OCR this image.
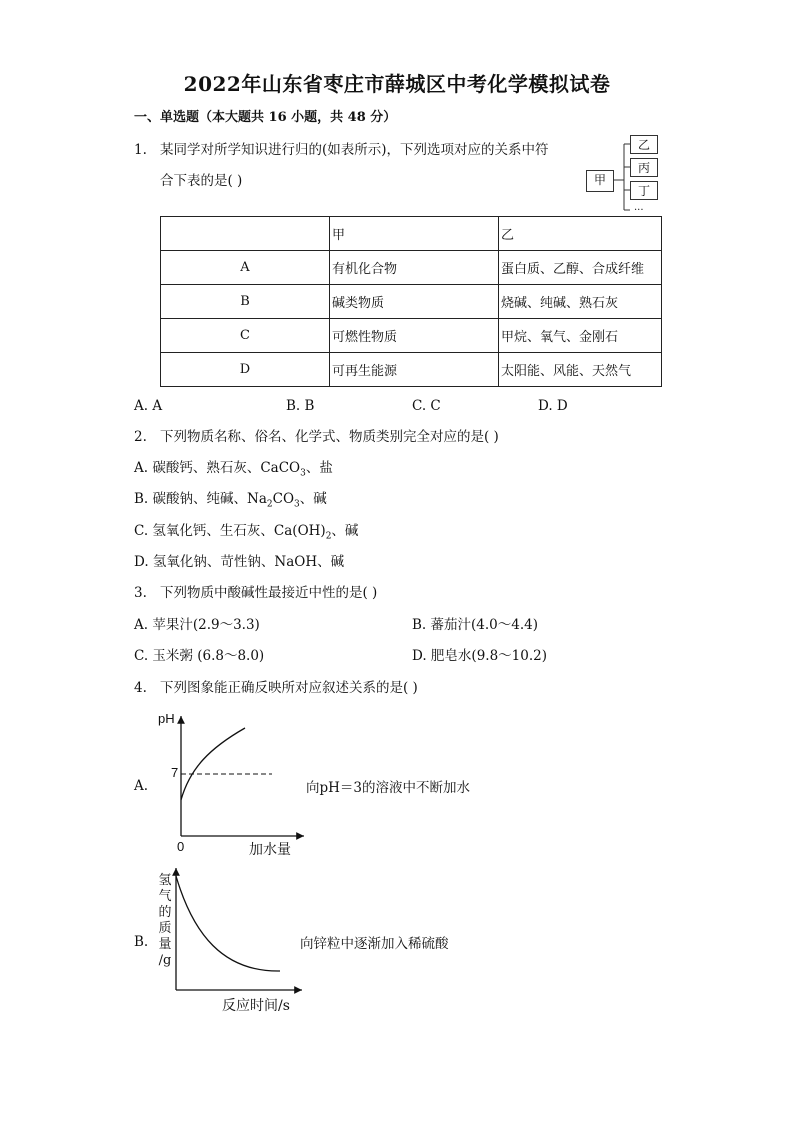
2022年山东省枣庄市薛城区中考化学模拟试卷
一、单选题（本大题共 16 小题，共 48 分）
1. 某同学对所学知识进行归的(如表所示)，下列选项对应的关系中符
合下表的是( )	甲
乙
丙
丁
...
	甲	乙
A	有机化合物	蛋白质、乙醇、合成纤维
B	碱类物质	烧碱、纯碱、熟石灰
C	可燃性物质	甲烷、氧气、金刚石
D	可再生能源	太阳能、风能、天然气
A. A	B. B	C. C	D. D
2. 下列物质名称、俗名、化学式、物质类别完全对应的是( )
A. 碳酸钙、熟石灰、CaCO$_3$、盐
B. 碳酸钠、纯碱、$Na_2CO_3$、碱
C. 氢氧化钙、生石灰、$Ca(OH)_2$、碱
D. 氢氧化钠、苛性钠、NaOH、碱
3. 下列物质中酸碱性最接近中性的是( )
A. 苹果汁(2.9～3.3)	B. 蕃茄汁(4.0～4.4)
C. 玉米粥 (6.8～8.0)	D. 肥皂水(9.8～10.2)
4. 下列图象能正确反映所对应叙述关系的是( )
A.
pH
7
0	加水量
向pH＝3的溶液中不断加水
B.
氢
气
的
质
量
/g
反应时间/s
向锌粒中逐渐加入稀硫酸
